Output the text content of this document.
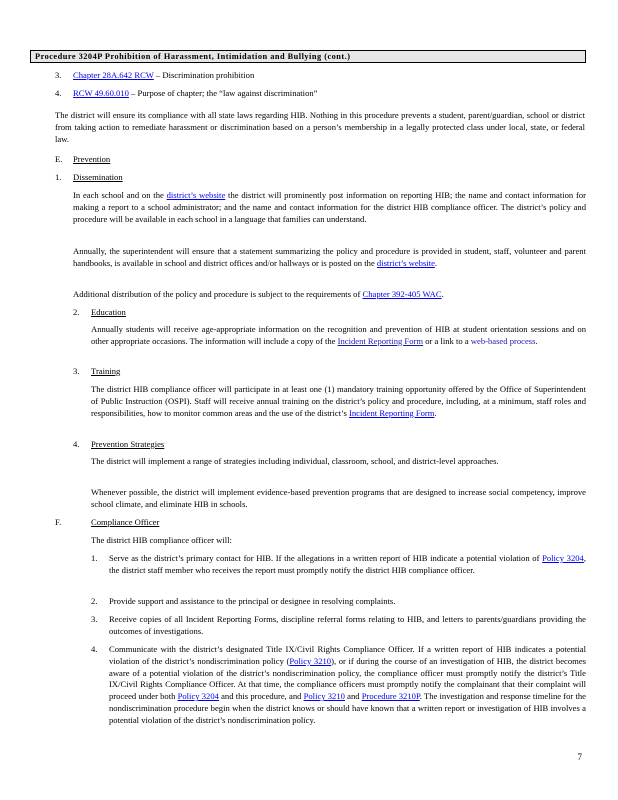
Procedure 3204P Prohibition of Harassment, Intimidation and Bullying (cont.)
3. Chapter 28A.642 RCW – Discrimination prohibition
4. RCW 49.60.010 – Purpose of chapter; the “law against discrimination”
The district will ensure its compliance with all state laws regarding HIB. Nothing in this procedure prevents a student, parent/guardian, school or district from taking action to remediate harassment or discrimination based on a person’s membership in a legally protected class under local, state, or federal law.
E. Prevention
1. Dissemination
In each school and on the district’s website the district will prominently post information on reporting HIB; the name and contact information for making a report to a school administrator; and the name and contact information for the district HIB compliance officer. The district’s policy and procedure will be available in each school in a language that families can understand.
Annually, the superintendent will ensure that a statement summarizing the policy and procedure is provided in student, staff, volunteer and parent handbooks, is available in school and district offices and/or hallways or is posted on the district’s website.
Additional distribution of the policy and procedure is subject to the requirements of Chapter 392-405 WAC.
2. Education
Annually students will receive age-appropriate information on the recognition and prevention of HIB at student orientation sessions and on other appropriate occasions. The information will include a copy of the Incident Reporting Form or a link to a web-based process.
3. Training
The district HIB compliance officer will participate in at least one (1) mandatory training opportunity offered by the Office of Superintendent of Public Instruction (OSPI). Staff will receive annual training on the district’s policy and procedure, including, at a minimum, staff roles and responsibilities, how to monitor common areas and the use of the district’s Incident Reporting Form.
4. Prevention Strategies
The district will implement a range of strategies including individual, classroom, school, and district-level approaches.
Whenever possible, the district will implement evidence-based prevention programs that are designed to increase social competency, improve school climate, and eliminate HIB in schools.
F.	Compliance Officer
The district HIB compliance officer will:
1. Serve as the district’s primary contact for HIB. If the allegations in a written report of HIB indicate a potential violation of Policy 3204, the district staff member who receives the report must promptly notify the district HIB compliance officer.
2. Provide support and assistance to the principal or designee in resolving complaints.
3. Receive copies of all Incident Reporting Forms, discipline referral forms relating to HIB, and letters to parents/guardians providing the outcomes of investigations.
4. Communicate with the district’s designated Title IX/Civil Rights Compliance Officer. If a written report of HIB indicates a potential violation of the district’s nondiscrimination policy (Policy 3210), or if during the course of an investigation of HIB, the district becomes aware of a potential violation of the district’s nondiscrimination policy, the compliance officer must promptly notify the district’s Title IX/Civil Rights Compliance Officer. At that time, the compliance officers must promptly notify the complainant that their complaint will proceed under both Policy 3204 and this procedure, and Policy 3210 and Procedure 3210P. The investigation and response timeline for the nondiscrimination procedure begin when the district knows or should have known that a written report or investigation of HIB involves a potential violation of the district’s nondiscrimination policy.
7
